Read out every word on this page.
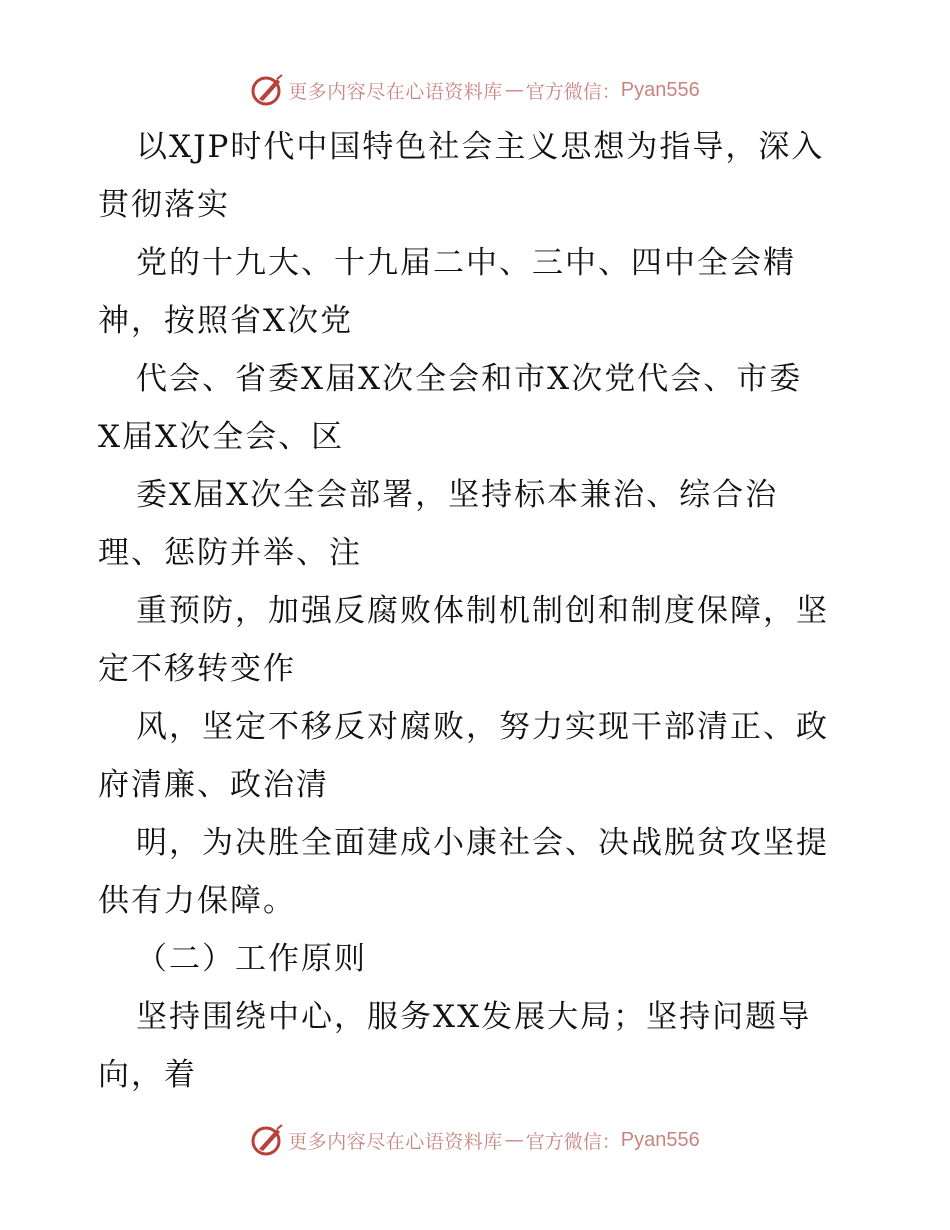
更多内容尽在心语资料库 — 官方微信： Pyan556
以XJP时代中国特色社会主义思想为指导，深入
贯彻落实
党的十九大、十九届二中、三中、四中全会精
神，按照省X次党
代会、省委X届X次全会和市X次党代会、市委
X届X次全会、区
委X届X次全会部署，坚持标本兼治、综合治
理、惩防并举、注
重预防，加强反腐败体制机制创和制度保障，坚
定不移转变作
风，坚定不移反对腐败，努力实现干部清正、政
府清廉、政治清
明，为决胜全面建成小康社会、决战脱贫攻坚提
供有力保障。
（二）工作原则
坚持围绕中心，服务XX发展大局；坚持问题导
向，着
更多内容尽在心语资料库 — 官方微信： Pyan556
